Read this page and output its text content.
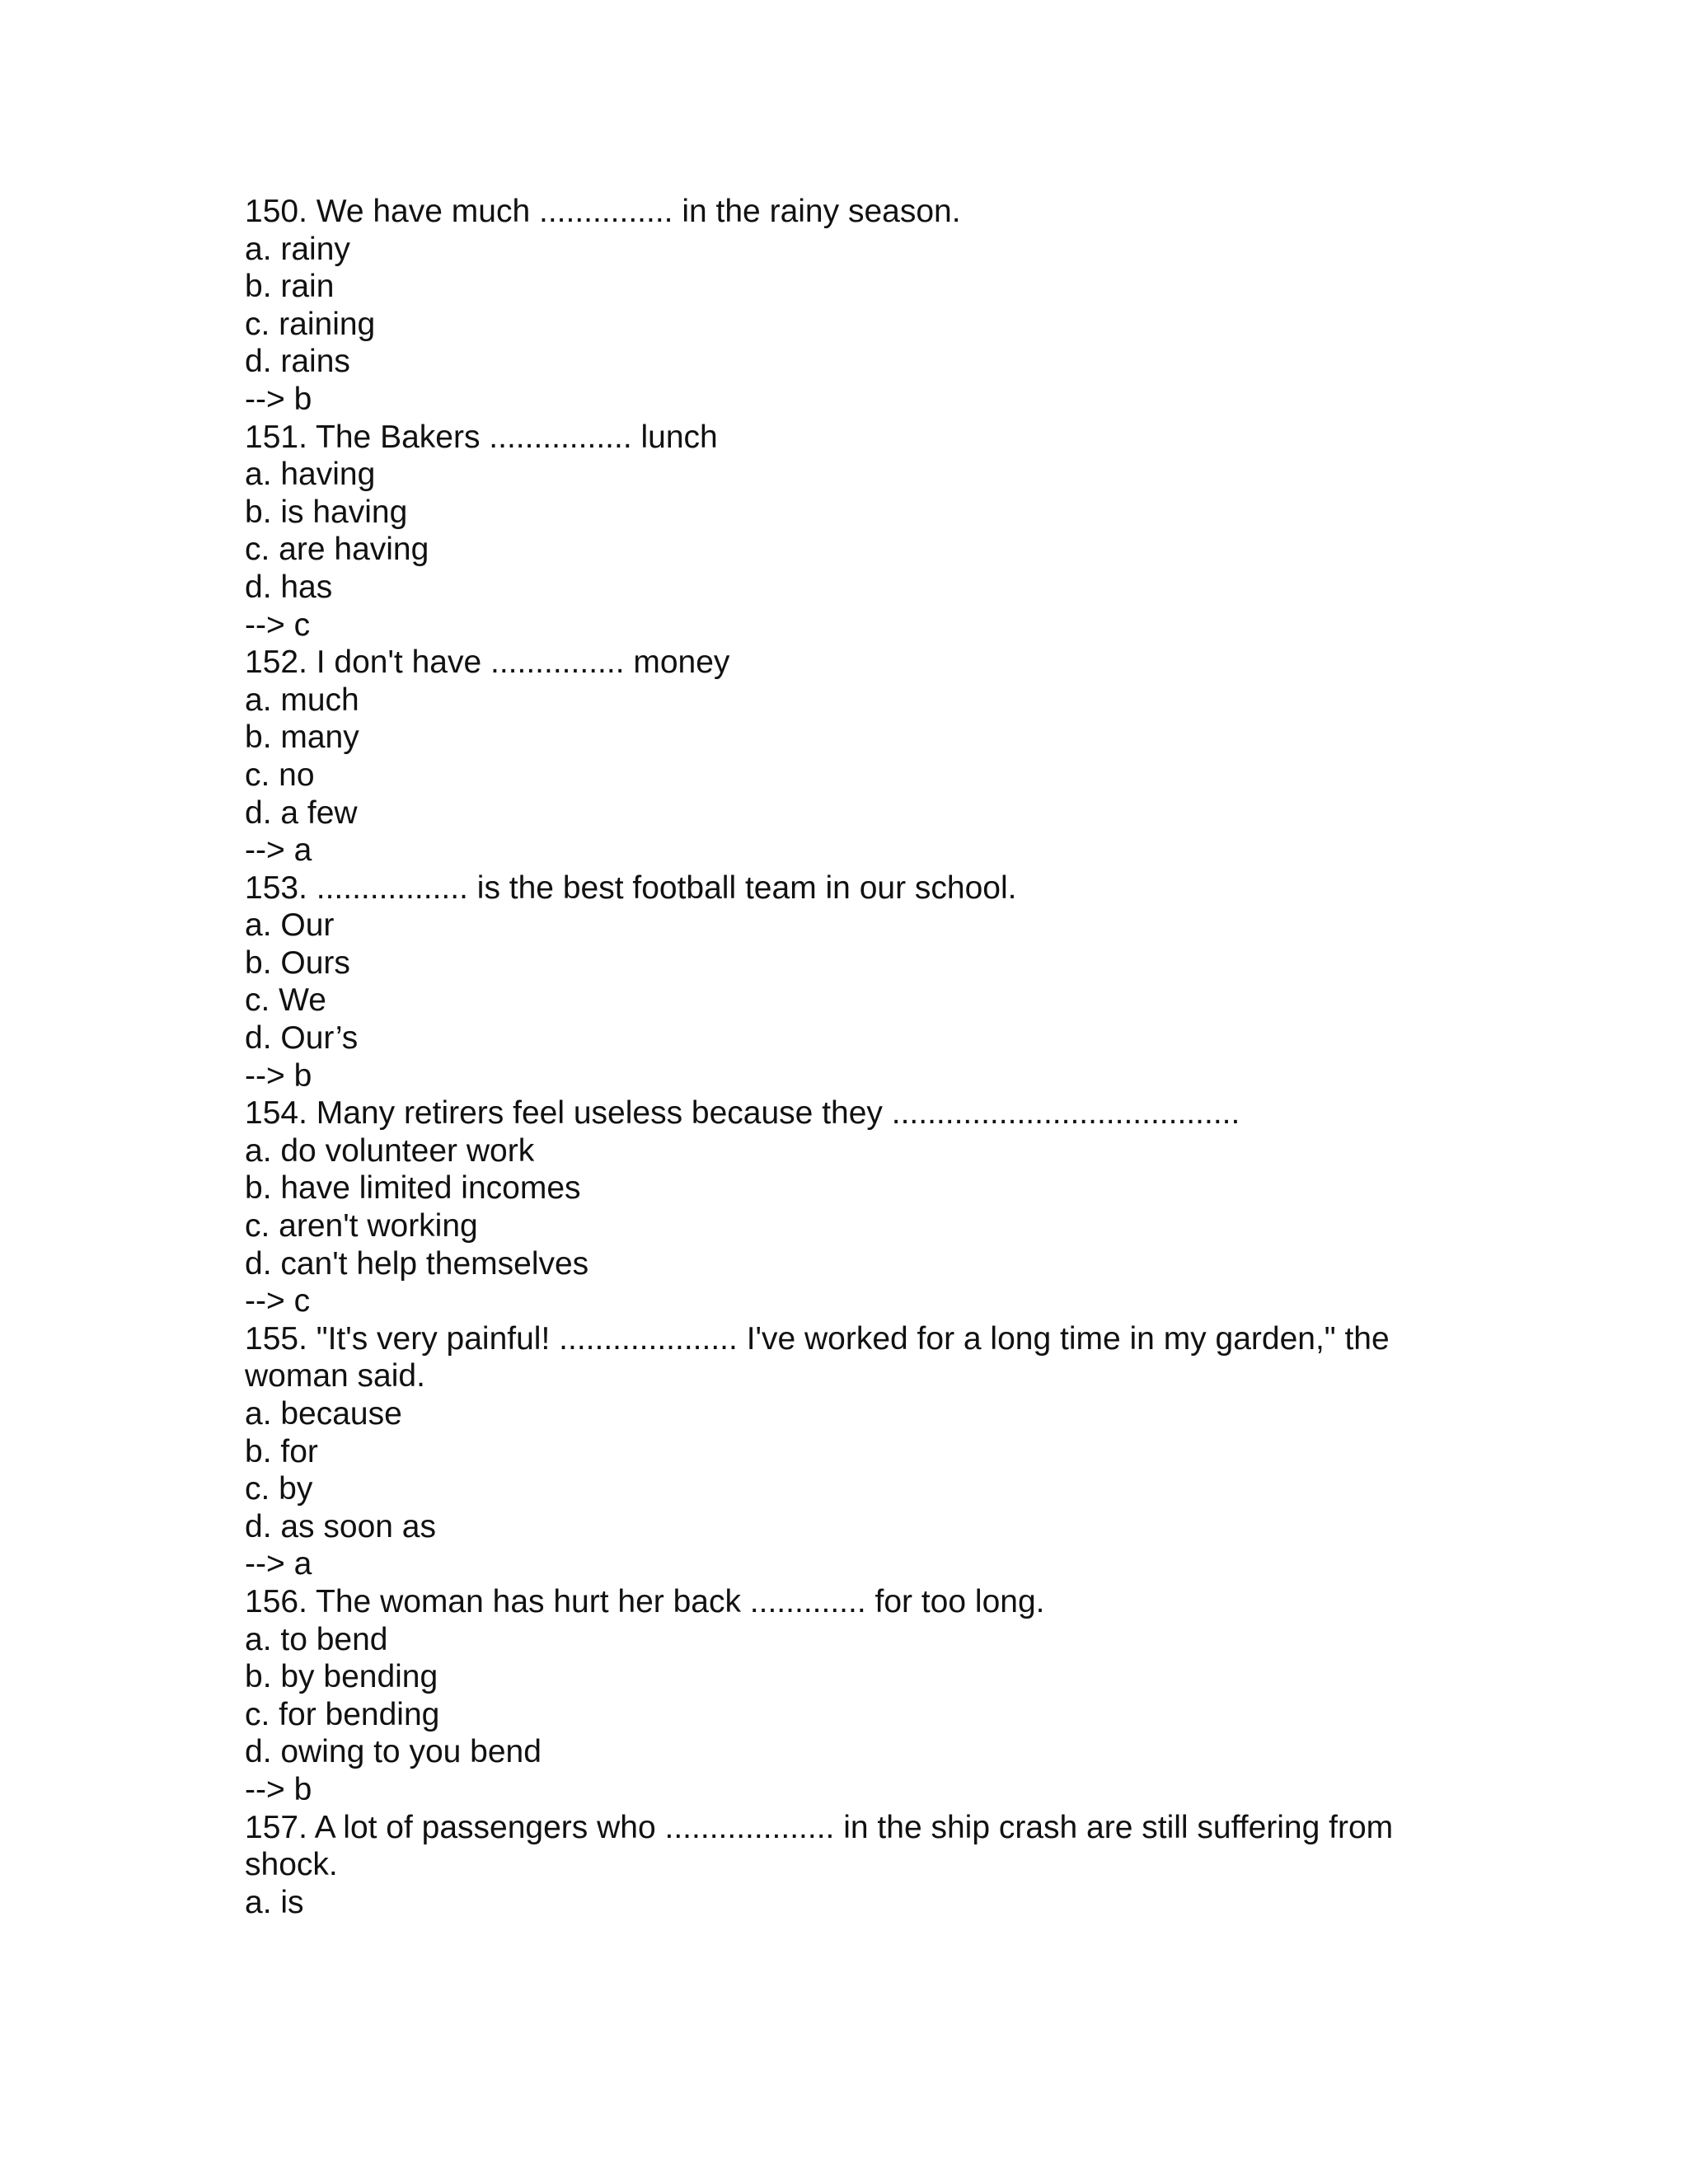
150. We have much ............... in the rainy season.
a. rainy
b. rain
c. raining
d. rains
--> b
151. The Bakers ................ lunch
a. having
b. is having
c. are having
d. has
--> c
152. I don't have ............... money
a. much
b. many
c. no
d. a few
--> a
153. ................. is the best football team in our school.
a. Our
b. Ours
c. We
d. Our’s
--> b
154. Many retirers feel useless because they .......................................
a. do volunteer work
b. have limited incomes
c. aren't working
d. can't help themselves
--> c
155. "It's very painful! .................... I've worked for a long time in my garden," the woman said.
a. because
b. for
c. by
d. as soon as
--> a
156. The woman has hurt her back ............. for too long.
a. to bend
b. by bending
c. for bending
d. owing to you bend
--> b
157. A lot of passengers who ................... in the ship crash are still suffering from shock.
a. is
